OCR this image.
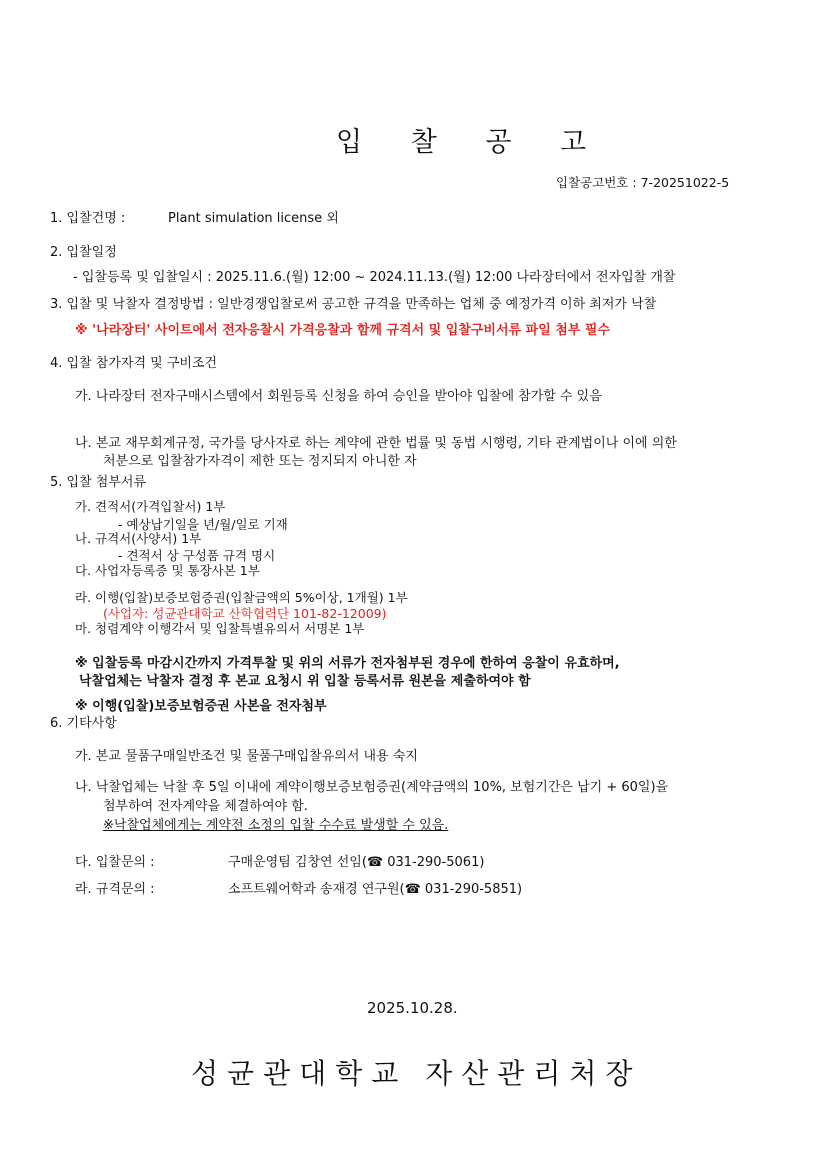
입 찰 공 고
입찰공고번호 : 7-20251022-5
1. 입찰건명 :	Plant simulation license 외
2. 입찰일정
- 입찰등록 및 입찰일시 : 2025.11.6.(월) 12:00 ~ 2024.11.13.(월) 12:00 나라장터에서 전자입찰 개찰
3. 입찰 및 낙찰자 결정방법 : 일반경쟁입찰로써 공고한 규격을 만족하는 업체 중 예정가격 이하 최저가 낙찰
※ '나라장터' 사이트에서 전자응찰시 가격응찰과 함께 규격서 및 입찰구비서류 파일 첨부 필수
4. 입찰 참가자격 및 구비조건
가. 나라장터 전자구매시스템에서 회원등록 신청을 하여 승인을 받아야 입찰에 참가할 수 있음
나. 본교 재무회계규정, 국가를 당사자로 하는 계약에 관한 법률 및 동법 시행령, 기타 관계법이나 이에 의한
처분으로 입찰참가자격이 제한 또는 정지되지 아니한 자
5. 입찰 첨부서류
가. 견적서(가격입찰서) 1부
- 예상납기일을 년/월/일로 기재
나. 규격서(사양서) 1부
- 견적서 상 구성품 규격 명시
다. 사업자등록증 및 통장사본 1부
라. 이행(입찰)보증보험증권(입찰금액의 5%이상, 1개월) 1부
(사업자: 성균관대학교 산학협력단 101-82-12009)
마. 청렴계약 이행각서 및 입찰특별유의서 서명본 1부
※ 입찰등록 마감시간까지 가격투찰 및 위의 서류가 전자첨부된 경우에 한하여 응찰이 유효하며,
낙찰업체는 낙찰자 결정 후 본교 요청시 위 입찰 등록서류 원본을 제출하여야 함
※ 이행(입찰)보증보험증권 사본을 전자첨부
6. 기타사항
가. 본교 물품구매일반조건 및 물품구매입찰유의서 내용 숙지
나. 낙찰업체는 낙찰 후 5일 이내에 계약이행보증보험증권(계약금액의 10%, 보험기간은 납기 + 60일)을
첨부하여 전자계약을 체결하여야 함.
※낙찰업체에게는 계약전 소정의 입찰 수수료 발생할 수 있음.
다. 입찰문의 :	구매운영팀 김창연 선임(☎ 031-290-5061)
라. 규격문의 :	소프트웨어학과 송재경 연구원(☎ 031-290-5851)
2025.10.28.
성균관대학교 자산관리처장
